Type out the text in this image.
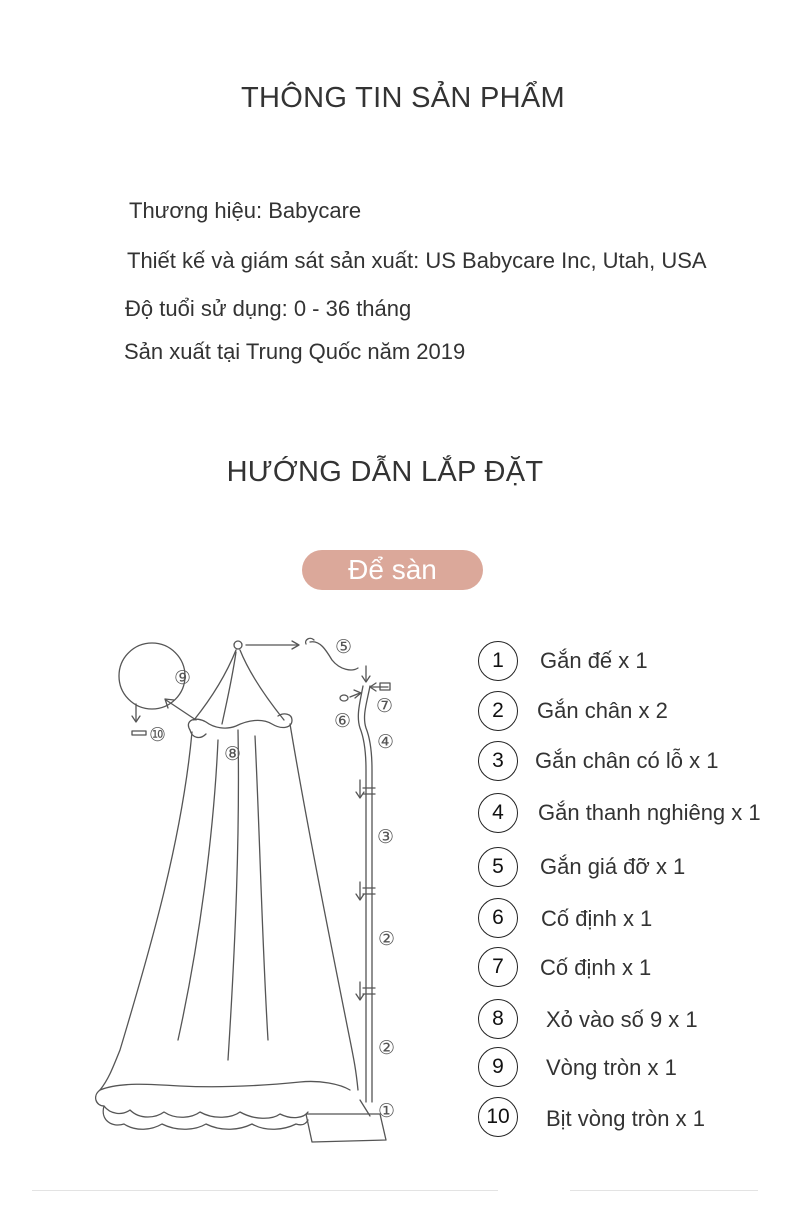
THÔNG TIN SẢN PHẨM
Thương hiệu: Babycare
Thiết kế và giám sát sản xuất: US Babycare Inc, Utah, USA
Độ tuổi sử dụng: 0 - 36 tháng
Sản xuất tại Trung Quốc năm 2019
HƯỚNG DẪN LẮP ĐẶT
Để sàn
⑤
⑨
⑦
⑥
⑩
⑧
④
③
②
②
①
1	Gắn đế x 1
2	Gắn chân x 2
3	Gắn chân có lỗ x 1
4	Gắn thanh nghiêng x 1
5	Gắn giá đỡ x 1
6	Cố định x 1
7	Cố định x 1
8	Xỏ vào số 9 x 1
9	Vòng tròn x 1
10	Bịt vòng tròn x 1
